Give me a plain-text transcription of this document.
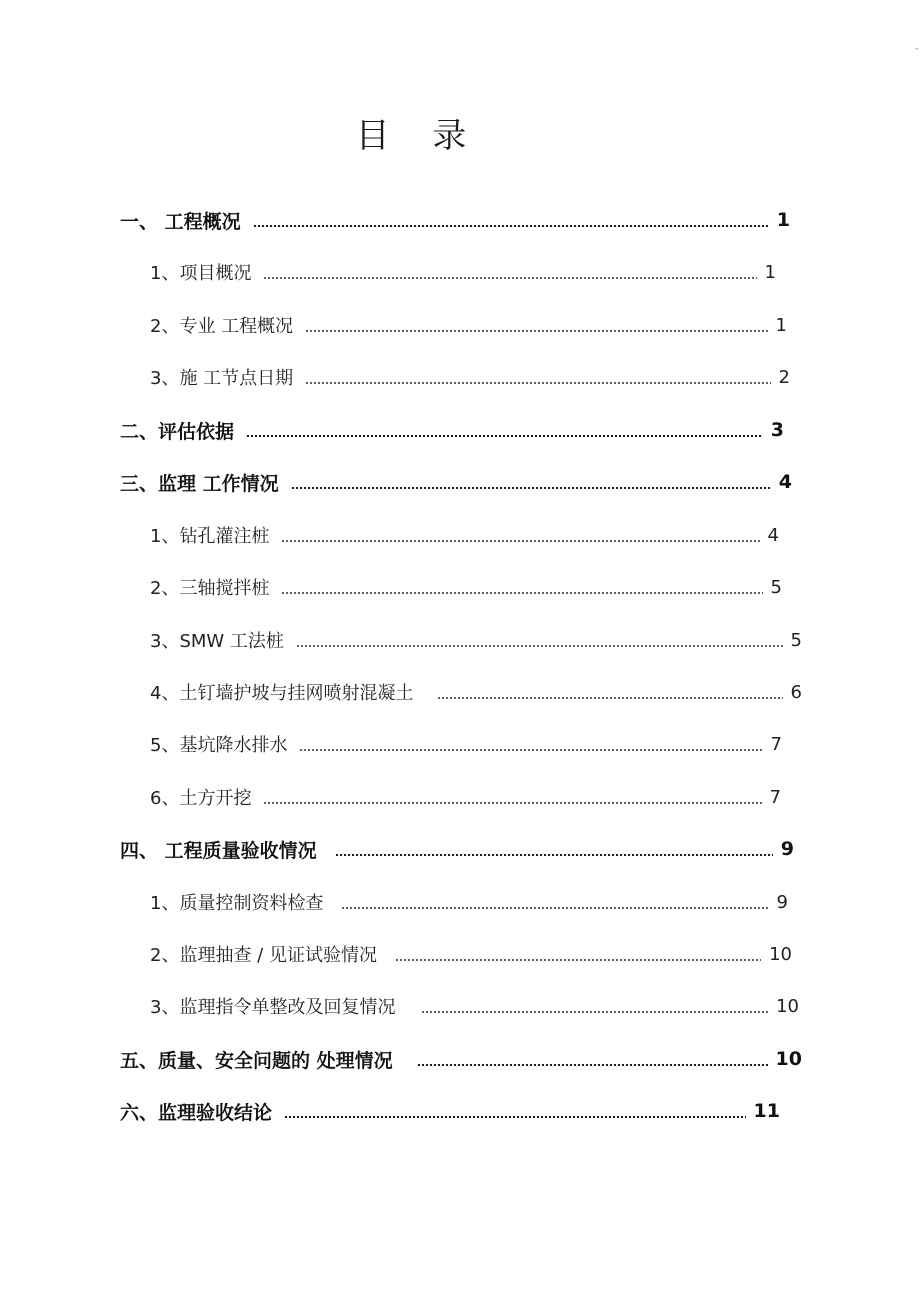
目 录
-
一、 工程概况	1
1、项目概况	1
2、专业 工程概况	1
3、施 工节点日期	2
二、评估依据	3
三、监理 工作情况	4
1、钻孔灌注桩	4
2、三轴搅拌桩	5
3、SMW 工法桩	5
4、土钉墙护坡与挂网喷射混凝土	6
5、基坑降水排水	7
6、土方开挖	7
四、 工程质量验收情况	9
1、质量控制资料检查	9
2、监理抽查 / 见证试验情况	10
3、监理指令单整改及回复情况	10
五、质量、安全问题的 处理情况	10
六、监理验收结论	11
